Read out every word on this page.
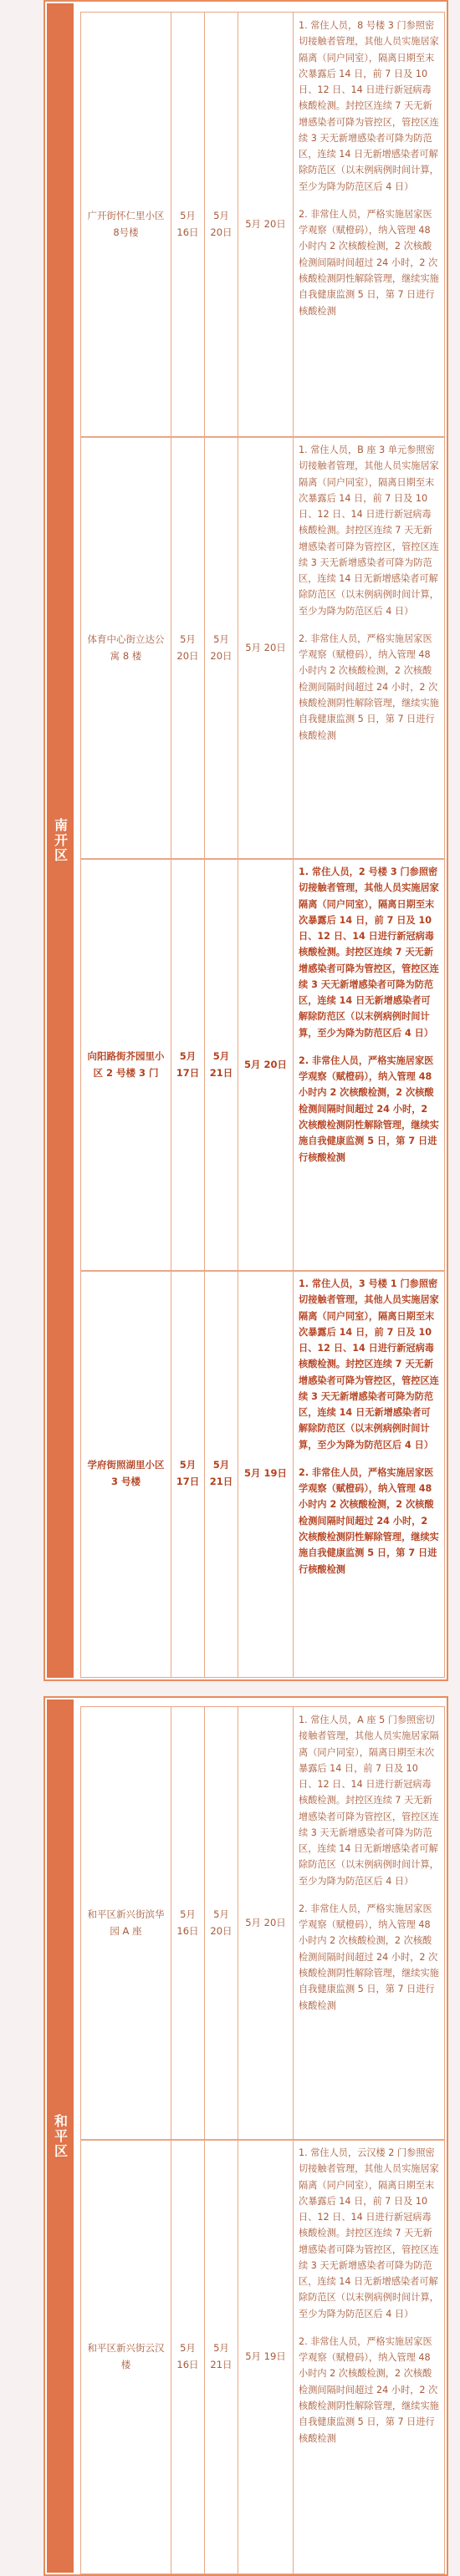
南开区
广开街怀仁里小区 8号楼
5月 16日
5月 20日
5月 20日

1. 常住人员，8 号楼 3 门参照密切接触者管理，其他人员实施居家隔离（同户同室），隔离日期至末次暴露后 14 日，前 7 日及 10 日、12 日、14 日进行新冠病毒核酸检测。封控区连续 7 天无新增感染者可降为管控区，管控区连续 3 天无新增感染者可降为防范区，连续 14 日无新增感染者可解除防范区（以末例病例时间计算，至少为降为防范区后 4 日）

2. 非常住人员，严格实施居家医学观察（赋橙码），纳入管理 48 小时内 2 次核酸检测，2 次核酸检测间隔时间超过 24 小时，2 次核酸检测阴性解除管理，继续实施自我健康监测 5 日，第 7 日进行核酸检测

体育中心街立达公寓 8 楼
5月 20日
5月 20日
5月 20日

1. 常住人员，B 座 3 单元参照密切接触者管理，其他人员实施居家隔离（同户同室），隔离日期至末次暴露后 14 日，前 7 日及 10 日、12 日、14 日进行新冠病毒核酸检测。封控区连续 7 天无新增感染者可降为管控区，管控区连续 3 天无新增感染者可降为防范区，连续 14 日无新增感染者可解除防范区（以末例病例时间计算，至少为降为防范区后 4 日）

2. 非常住人员，严格实施居家医学观察（赋橙码），纳入管理 48 小时内 2 次核酸检测，2 次核酸检测间隔时间超过 24 小时，2 次核酸检测阴性解除管理，继续实施自我健康监测 5 日，第 7 日进行核酸检测

向阳路街芥园里小区 2 号楼 3 门
5月 17日
5月 21日
5月 20日

1. 常住人员，2 号楼 3 门参照密切接触者管理，其他人员实施居家隔离（同户同室），隔离日期至末次暴露后 14 日，前 7 日及 10 日、12 日、14 日进行新冠病毒核酸检测。封控区连续 7 天无新增感染者可降为管控区，管控区连续 3 天无新增感染者可降为防范区，连续 14 日无新增感染者可解除防范区（以末例病例时间计算，至少为降为防范区后 4 日）

2. 非常住人员，严格实施居家医学观察（赋橙码），纳入管理 48 小时内 2 次核酸检测，2 次核酸检测间隔时间超过 24 小时，2 次核酸检测阴性解除管理，继续实施自我健康监测 5 日，第 7 日进行核酸检测

学府街照湖里小区 3 号楼
5月 17日
5月 21日
5月 19日

1. 常住人员，3 号楼 1 门参照密切接触者管理，其他人员实施居家隔离（同户同室），隔离日期至末次暴露后 14 日，前 7 日及 10 日、12 日、14 日进行新冠病毒核酸检测。封控区连续 7 天无新增感染者可降为管控区，管控区连续 3 天无新增感染者可降为防范区，连续 14 日无新增感染者可解除防范区（以末例病例时间计算，至少为降为防范区后 4 日）

2. 非常住人员，严格实施居家医学观察（赋橙码），纳入管理 48 小时内 2 次核酸检测，2 次核酸检测间隔时间超过 24 小时，2 次核酸检测阴性解除管理，继续实施自我健康监测 5 日，第 7 日进行核酸检测

和平区
和平区新兴街滨华园 A 座
5月 16日
5月 20日
5月 20日

1. 常住人员，A 座 5 门参照密切接触者管理，其他人员实施居家隔离（同户同室），隔离日期至末次暴露后 14 日，前 7 日及 10 日、12 日、14 日进行新冠病毒核酸检测。封控区连续 7 天无新增感染者可降为管控区，管控区连续 3 天无新增感染者可降为防范区，连续 14 日无新增感染者可解除防范区（以末例病例时间计算，至少为降为防范区后 4 日）

2. 非常住人员，严格实施居家医学观察（赋橙码），纳入管理 48 小时内 2 次核酸检测，2 次核酸检测间隔时间超过 24 小时，2 次核酸检测阴性解除管理，继续实施自我健康监测 5 日，第 7 日进行核酸检测

和平区新兴街云汉楼
5月 16日
5月 21日
5月 19日

1. 常住人员，云汉楼 2 门参照密切接触者管理，其他人员实施居家隔离（同户同室），隔离日期至末次暴露后 14 日，前 7 日及 10 日、12 日、14 日进行新冠病毒核酸检测。封控区连续 7 天无新增感染者可降为管控区，管控区连续 3 天无新增感染者可降为防范区，连续 14 日无新增感染者可解除防范区（以末例病例时间计算，至少为降为防范区后 4 日）

2. 非常住人员，严格实施居家医学观察（赋橙码），纳入管理 48 小时内 2 次核酸检测，2 次核酸检测间隔时间超过 24 小时，2 次核酸检测阴性解除管理，继续实施自我健康监测 5 日，第 7 日进行核酸检测
